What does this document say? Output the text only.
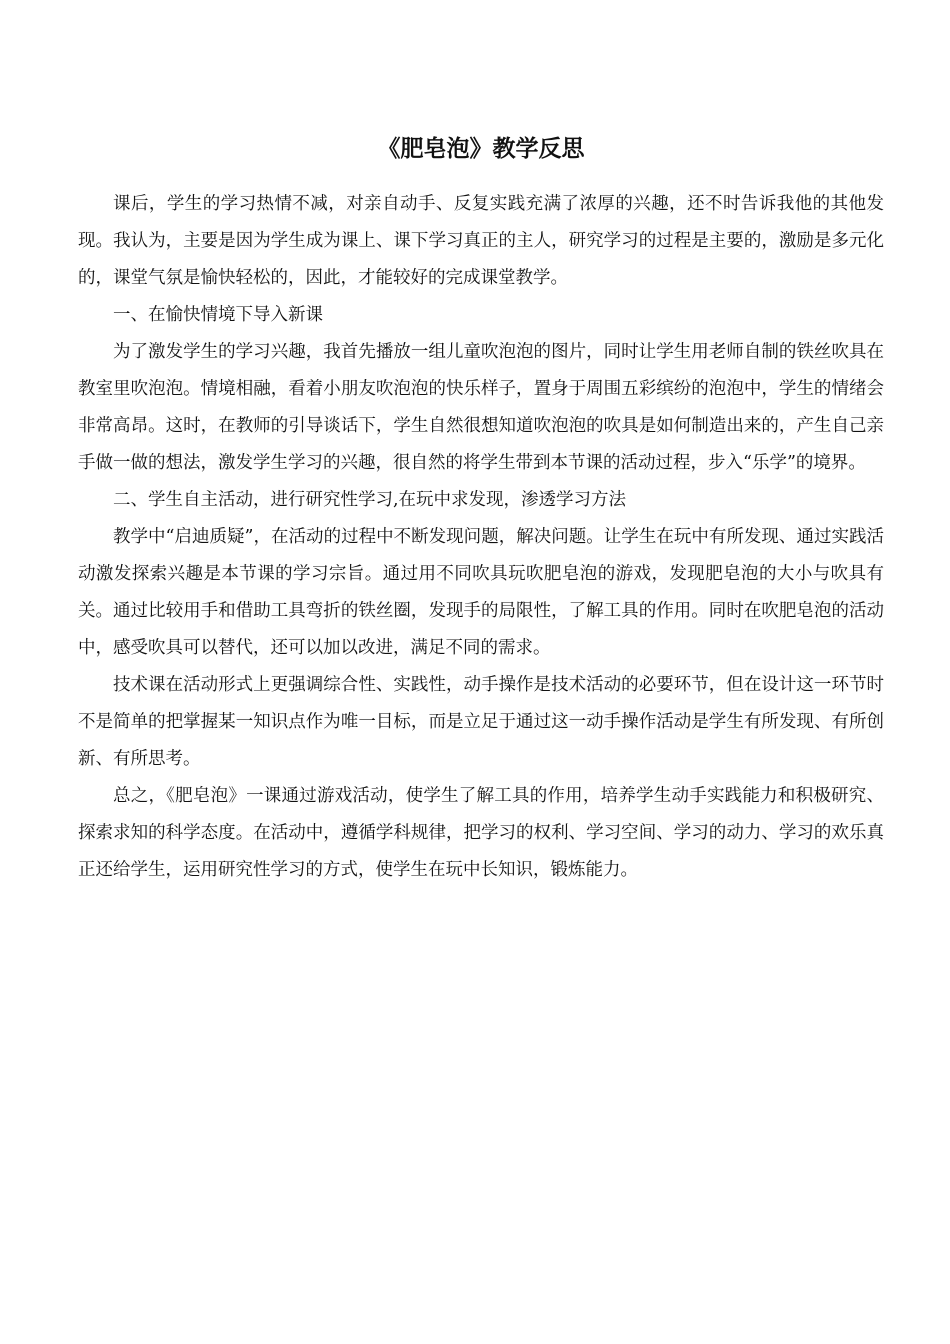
《肥皂泡》教学反思

课后，学生的学习热情不减，对亲自动手、反复实践充满了浓厚的兴趣，还不时告诉我他的其他发现。我认为，主要是因为学生成为课上、课下学习真正的主人，研究学习的过程是主要的，激励是多元化的，课堂气氛是愉快轻松的，因此，才能较好的完成课堂教学。

一、在愉快情境下导入新课

为了激发学生的学习兴趣，我首先播放一组儿童吹泡泡的图片，同时让学生用老师自制的铁丝吹具在教室里吹泡泡。情境相融，看着小朋友吹泡泡的快乐样子，置身于周围五彩缤纷的泡泡中，学生的情绪会非常高昂。这时，在教师的引导谈话下，学生自然很想知道吹泡泡的吹具是如何制造出来的，产生自己亲手做一做的想法，激发学生学习的兴趣，很自然的将学生带到本节课的活动过程，步入“乐学”的境界。

二、学生自主活动，进行研究性学习,在玩中求发现，渗透学习方法

教学中“启迪质疑”，在活动的过程中不断发现问题，解决问题。让学生在玩中有所发现、通过实践活动激发探索兴趣是本节课的学习宗旨。通过用不同吹具玩吹肥皂泡的游戏，发现肥皂泡的大小与吹具有关。通过比较用手和借助工具弯折的铁丝圈，发现手的局限性，了解工具的作用。同时在吹肥皂泡的活动中，感受吹具可以替代，还可以加以改进，满足不同的需求。

技术课在活动形式上更强调综合性、实践性，动手操作是技术活动的必要环节，但在设计这一环节时不是简单的把掌握某一知识点作为唯一目标，而是立足于通过这一动手操作活动是学生有所发现、有所创新、有所思考。

总之，《肥皂泡》一课通过游戏活动，使学生了解工具的作用，培养学生动手实践能力和积极研究、探索求知的科学态度。在活动中，遵循学科规律，把学习的权利、学习空间、学习的动力、学习的欢乐真正还给学生，运用研究性学习的方式，使学生在玩中长知识，锻炼能力。
